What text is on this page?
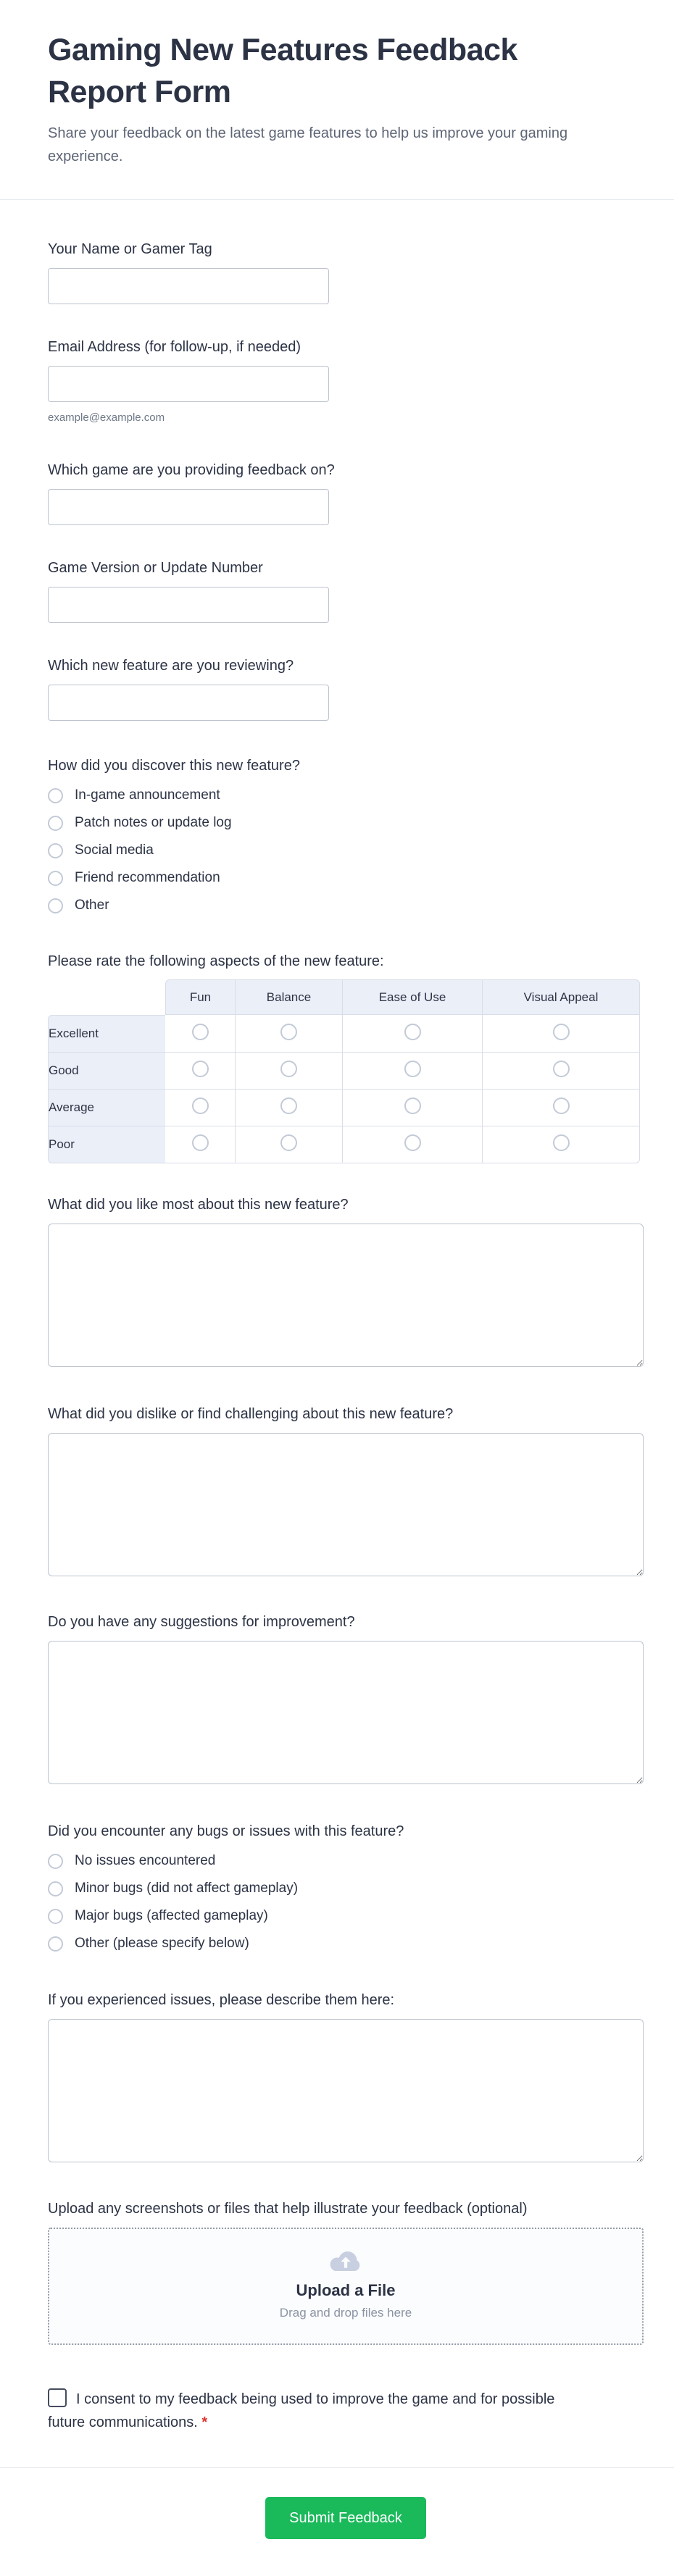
Gaming New Features Feedback Report Form
Share your feedback on the latest game features to help us improve your gaming experience.
Your Name or Gamer Tag
Email Address (for follow-up, if needed)
example@example.com
Which game are you providing feedback on?
Game Version or Update Number
Which new feature are you reviewing?
How did you discover this new feature?
In-game announcement
Patch notes or update log
Social media
Friend recommendation
Other
Please rate the following aspects of the new feature:
	Fun	Balance	Ease of Use	Visual Appeal
Excellent				
Good				
Average				
Poor				
What did you like most about this new feature?
What did you dislike or find challenging about this new feature?
Do you have any suggestions for improvement?
Did you encounter any bugs or issues with this feature?
No issues encountered
Minor bugs (did not affect gameplay)
Major bugs (affected gameplay)
Other (please specify below)
If you experienced issues, please describe them here:
Upload any screenshots or files that help illustrate your feedback (optional)
Upload a File
Drag and drop files here
I consent to my feedback being used to improve the game and for possible future communications. *
Submit Feedback
